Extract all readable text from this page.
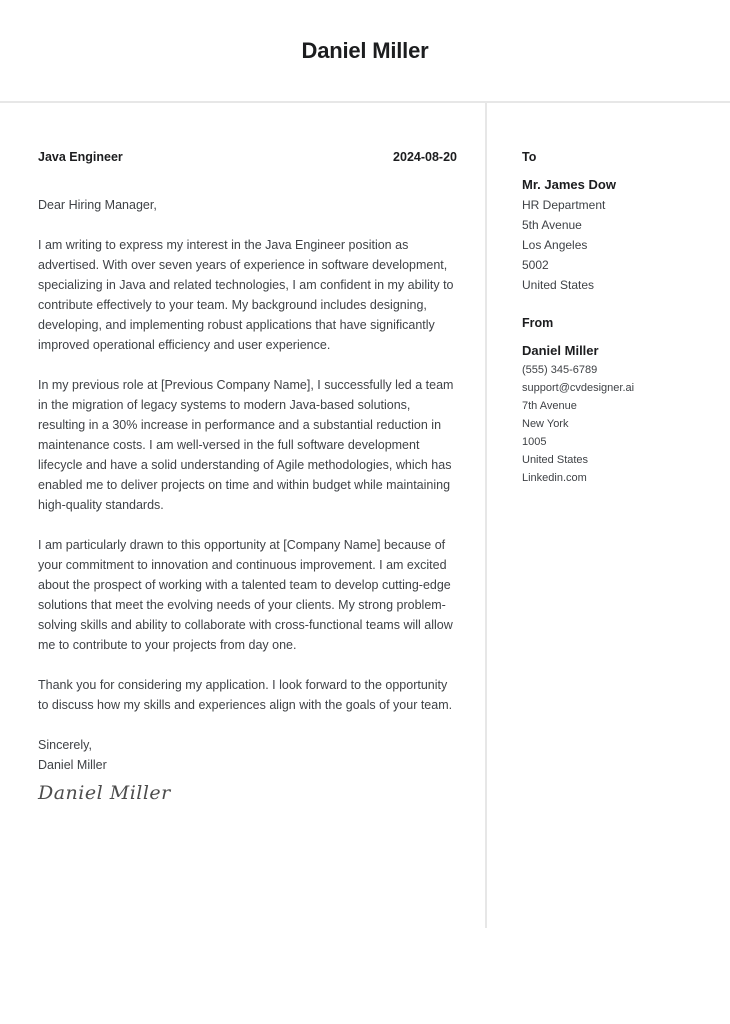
Daniel Miller
Java Engineer	2024-08-20

Dear Hiring Manager,

I am writing to express my interest in the Java Engineer position as advertised. With over seven years of experience in software development, specializing in Java and related technologies, I am confident in my ability to contribute effectively to your team. My background includes designing, developing, and implementing robust applications that have significantly improved operational efficiency and user experience.

In my previous role at [Previous Company Name], I successfully led a team in the migration of legacy systems to modern Java-based solutions, resulting in a 30% increase in performance and a substantial reduction in maintenance costs. I am well-versed in the full software development lifecycle and have a solid understanding of Agile methodologies, which has enabled me to deliver projects on time and within budget while maintaining high-quality standards.

I am particularly drawn to this opportunity at [Company Name] because of your commitment to innovation and continuous improvement. I am excited about the prospect of working with a talented team to develop cutting-edge solutions that meet the evolving needs of your clients. My strong problem-solving skills and ability to collaborate with cross-functional teams will allow me to contribute to your projects from day one.

Thank you for considering my application. I look forward to the opportunity to discuss how my skills and experiences align with the goals of your team.

Sincerely,
Daniel Miller
Daniel Miller
To
Mr. James Dow
HR Department
5th Avenue
Los Angeles
5002
United States
From
Daniel Miller
(555) 345-6789
support@cvdesigner.ai
7th Avenue
New York
1005
United States
Linkedin.com
